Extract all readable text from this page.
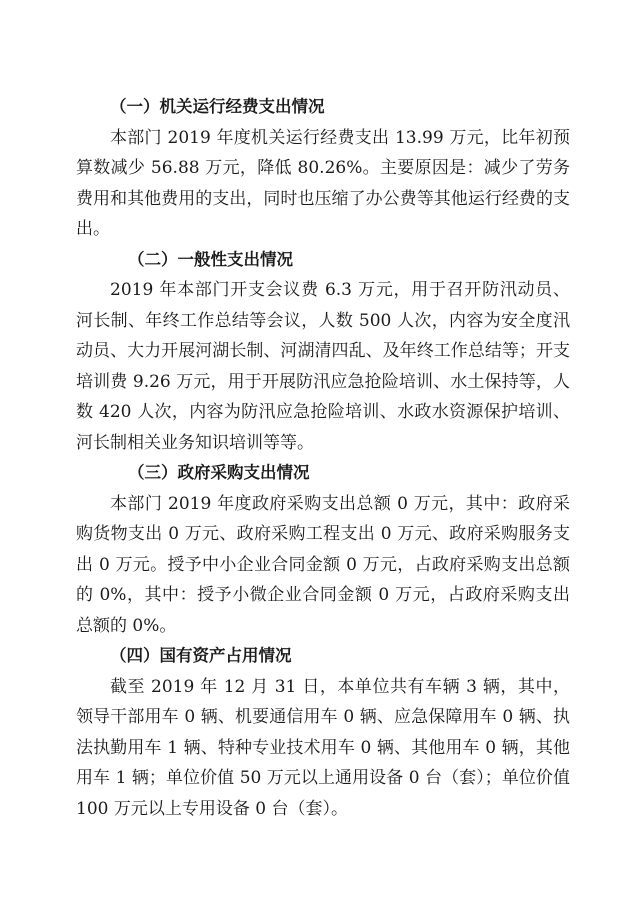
（一）机关运行经费支出情况

本部门 2019 年度机关运行经费支出 13.99 万元，比年初预算数减少 56.88 万元，降低 80.26%。主要原因是：减少了劳务费用和其他费用的支出，同时也压缩了办公费等其他运行经费的支出。

（二）一般性支出情况

2019 年本部门开支会议费 6.3 万元，用于召开防汛动员、河长制、年终工作总结等会议，人数 500 人次，内容为安全度汛动员、大力开展河湖长制、河湖清四乱、及年终工作总结等；开支培训费 9.26 万元，用于开展防汛应急抢险培训、水土保持等，人数 420 人次，内容为防汛应急抢险培训、水政水资源保护培训、河长制相关业务知识培训等等。

（三）政府采购支出情况

本部门 2019 年度政府采购支出总额 0 万元，其中：政府采购货物支出 0 万元、政府采购工程支出 0 万元、政府采购服务支出 0 万元。授予中小企业合同金额 0 万元，占政府采购支出总额的 0%，其中：授予小微企业合同金额 0 万元，占政府采购支出总额的 0%。

（四）国有资产占用情况

截至 2019 年 12 月 31 日，本单位共有车辆 3 辆，其中，领导干部用车 0 辆、机要通信用车 0 辆、应急保障用车 0 辆、执法执勤用车 1 辆、特种专业技术用车 0 辆、其他用车 0 辆，其他用车 1 辆；单位价值 50 万元以上通用设备 0 台（套）；单位价值 100 万元以上专用设备 0 台（套）。
